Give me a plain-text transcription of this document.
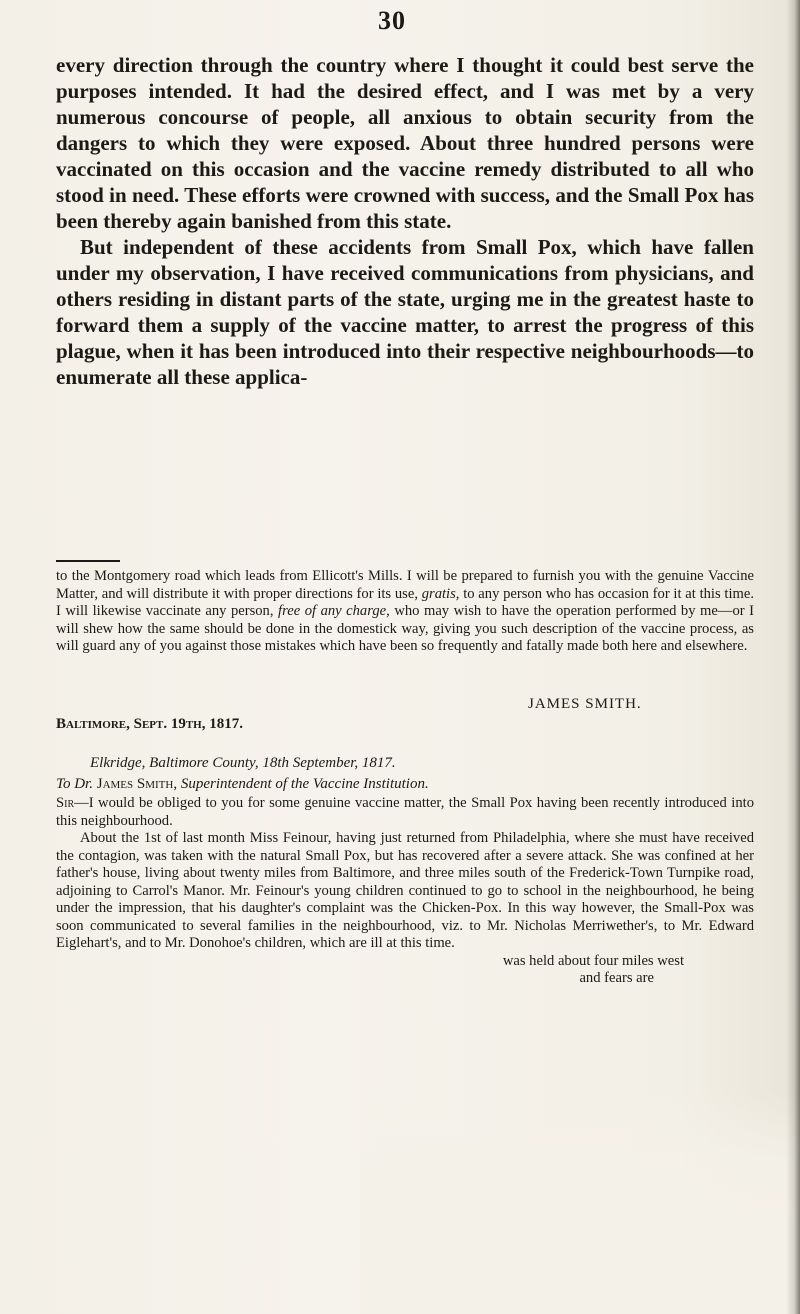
30

every direction through the country where I thought it could best serve the purposes intended. It had the desired effect, and I was met by a very numerous concourse of people, all anxious to obtain security from the dangers to which they were exposed. About three hundred persons were vaccinated on this occasion and the vaccine remedy distributed to all who stood in need. These efforts were crowned with success, and the Small Pox has been thereby again banished from this state.

But independent of these accidents from Small Pox, which have fallen under my observation, I have received communications from physicians, and others residing in distant parts of the state, urging me in the greatest haste to forward them a supply of the vaccine matter, to arrest the progress of this plague, when it has been introduced into their respective neighbourhoods—to enumerate all these applica-

to the Montgomery road which leads from Ellicott's Mills. I will be prepared to furnish you with the genuine Vaccine Matter, and will distribute it with proper directions for its use, gratis, to any person who has occasion for it at this time. I will likewise vaccinate any person, free of any charge, who may wish to have the operation performed by me—or I will shew how the same should be done in the domestick way, giving you such description of the vaccine process, as will guard any of you against those mistakes which have been so frequently and fatally made both here and elsewhere.

JAMES SMITH.
Baltimore, Sept. 19th, 1817.
Elkridge, Baltimore County, 18th September, 1817.
To Dr. James Smith, Superintendent of the Vaccine Institution.

Sir—I would be obliged to you for some genuine vaccine matter, the Small Pox having been recently introduced into this neighbourhood.

About the 1st of last month Miss Feinour, having just returned from Philadelphia, where she must have received the contagion, was taken with the natural Small Pox, but has recovered after a severe attack. She was confined at her father's house, living about twenty miles from Baltimore, and three miles south of the Frederick-Town Turnpike road, adjoining to Carrol's Manor. Mr. Feinour's young children continued to go to school in the neighbourhood, he being under the impression, that his daughter's complaint was the Chicken-Pox. In this way however, the Small-Pox was soon communicated to several families in the neighbourhood, viz. to Mr. Nicholas Merriwether's, to Mr. Edward Eiglehart's, and to Mr. Donohoe's children, which are ill at this time.

was held about four miles west

and fears are
